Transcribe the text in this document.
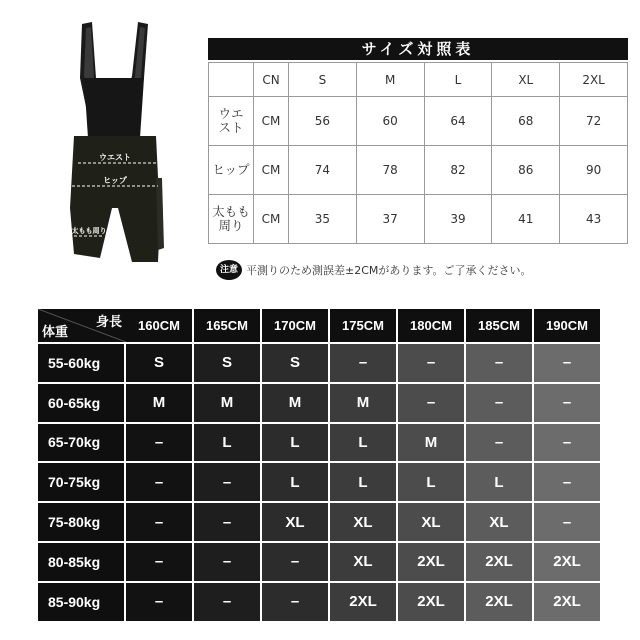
ウエスト
ヒップ
太もも周り
サイズ対照表
	CN	S	M	L	XL	2XL
ウエ
スト	CM	56	60	64	68	72
ヒップ	CM	74	78	82	86	90
太もも
周り	CM	35	37	39	41	43
注意 平測りのため測誤差±2CMがあります。ご了承ください。
身長
体重	160CM	165CM	170CM	175CM	180CM	185CM	190CM
55-60kg	S	S	S	–	–	–	–
60-65kg	M	M	M	M	–	–	–
65-70kg	–	L	L	L	M	–	–
70-75kg	–	–	L	L	L	L	–
75-80kg	–	–	XL	XL	XL	XL	–
80-85kg	–	–	–	XL	2XL	2XL	2XL
85-90kg	–	–	–	2XL	2XL	2XL	2XL
